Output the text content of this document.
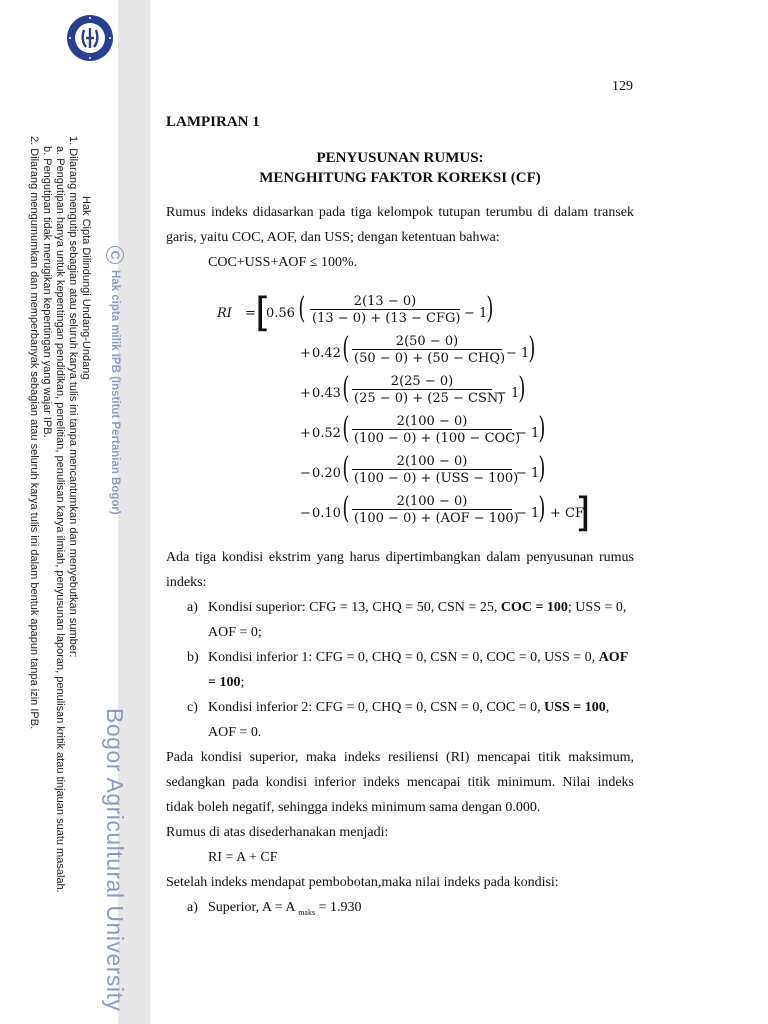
Hak Cipta Dilindungi Undang-Undang
1. Dilarang mengutip sebagian atau seluruh karya tulis ini tanpa mencantumkan dan menyebutkan sumber:
a. Pengutipan hanya untuk kepentingan pendidikan, penelitian, penulisan karya ilmiah, penyusunan laporan, penulisan kritik atau tinjauan suatu masalah.
b. Pengutipan tidak merugikan kepentingan yang wajar IPB.
2. Dilarang mengumumkan dan memperbanyak sebagian atau seluruh karya tulis ini dalam bentuk apapun tanpa izin IPB.	CHak cipta milik IPB (Institut Pertanian Bogor)
Bogor Agricultural University
129
LAMPIRAN 1
PENYUSUNAN RUMUS:
MENGHITUNG FAKTOR KOREKSI (CF)
Rumus indeks didasarkan pada tiga kelompok tutupan terumbu di dalam transek
garis, yaitu COC, AOF, dan USS; dengan ketentuan bahwa:
COC+USS+AOF ≤ 100%.
RI = [
0.56 (	2(13 − 0)
(13 − 0) + (13 − CFG) − 1 )
+ 0.42 (	2(50 − 0)
(50 − 0) + (50 − CHQ) − 1 )
+ 0.43 (	2(25 − 0)
(25 − 0) + (25 − CSN)
− 1 )
+ 0.52 (	2(100 − 0)
(100 − 0) + (100 − COC)
− 1 )
− 0.20 (	2(100 − 0)
(100 − 0) + (USS − 100)
− 1 )
− 0.10 (	2(100 − 0)
(100 − 0) + (AOF − 100)
− 1 ) + CF
]
Ada tiga kondisi ekstrim yang harus dipertimbangkan dalam penyusunan rumus
indeks:
a) Kondisi superior: CFG = 13, CHQ = 50, CSN = 25, COC = 100; USS = 0,
AOF = 0;
b) Kondisi inferior 1: CFG = 0, CHQ = 0, CSN = 0, COC = 0, USS = 0, AOF
= 100;
c) Kondisi inferior 2: CFG = 0, CHQ = 0, CSN = 0, COC = 0, USS = 100,
AOF = 0.
Pada kondisi superior, maka indeks resiliensi (RI) mencapai titik maksimum,
sedangkan pada kondisi inferior indeks mencapai titik minimum. Nilai indeks
tidak boleh negatif, sehingga indeks minimum sama dengan 0.000.
Rumus di atas disederhanakan menjadi:
RI = A + CF
Setelah indeks mendapat pembobotan,maka nilai indeks pada kondisi:
a) Superior, A = A $_{maks}$ = 1.930
